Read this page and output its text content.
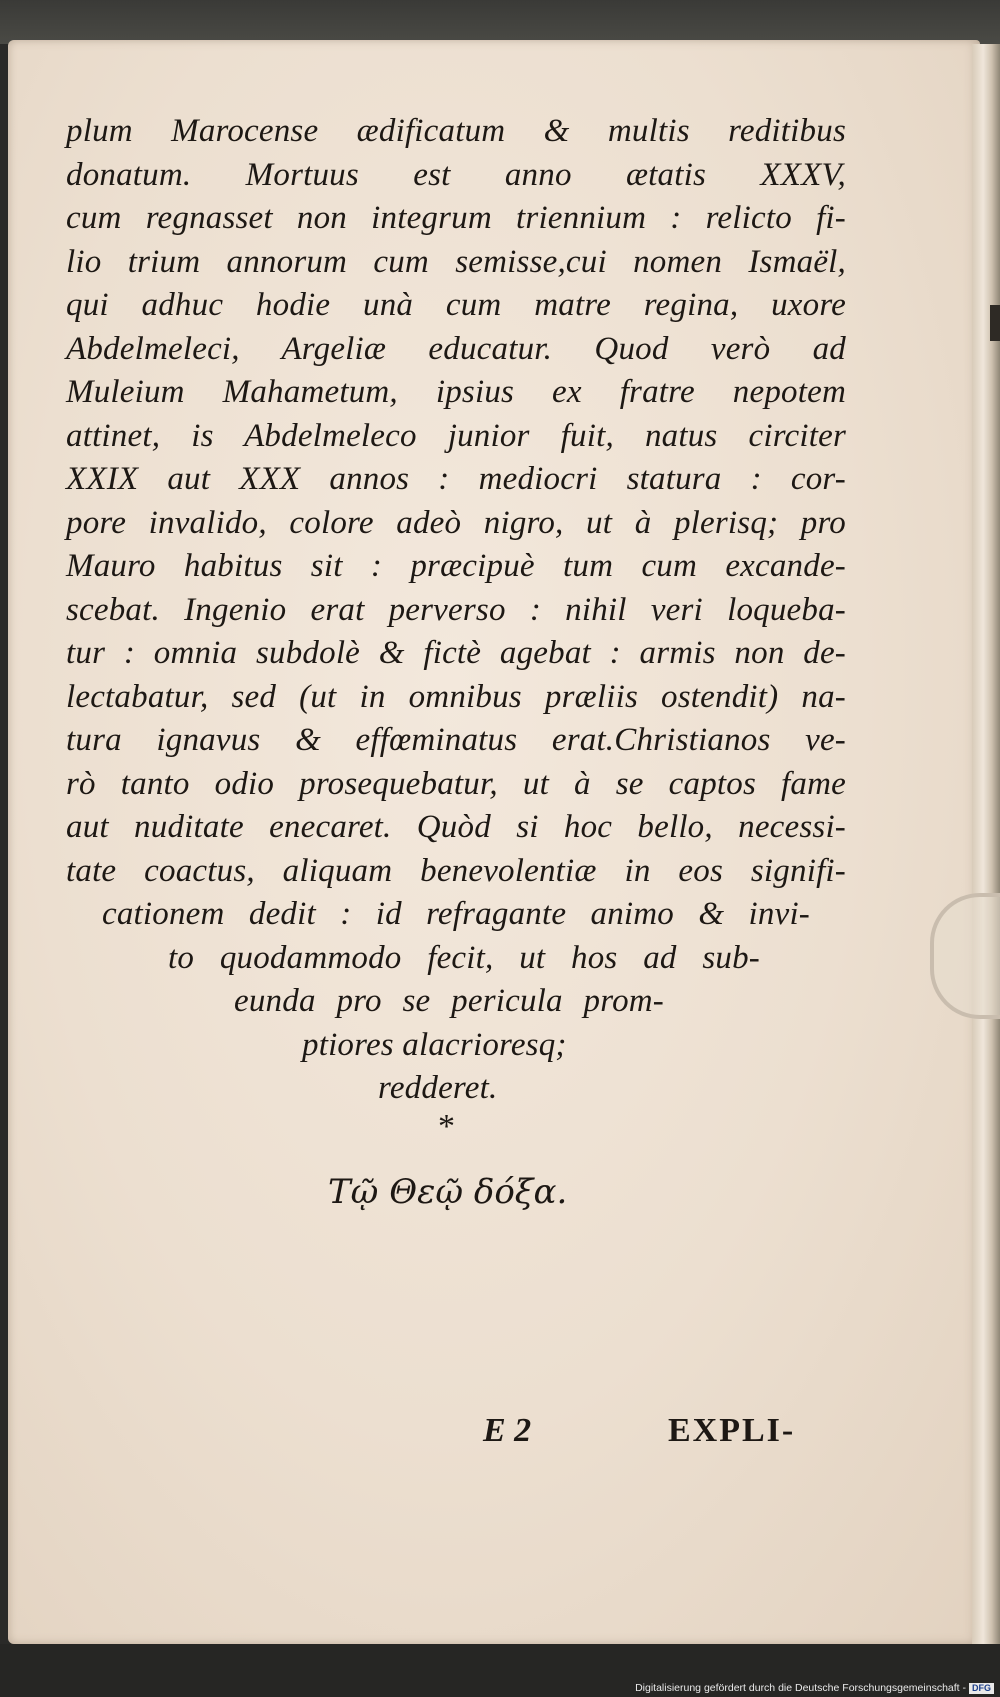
plum Marocense ædificatum & multis reditibus
donatum. Mortuus est anno ætatis XXXV,
cum regnasset non integrum triennium : relicto fi-
lio trium annorum cum semisse,cui nomen Ismaël,
qui adhuc hodie unà cum matre regina, uxore
Abdelmeleci, Argeliæ educatur. Quod verò ad
Muleium Mahametum, ipsius ex fratre nepotem
attinet, is Abdelmeleco junior fuit, natus circiter
XXIX aut XXX annos : mediocri statura : cor-
pore invalido, colore adeò nigro, ut à plerisq; pro
Mauro habitus sit : præcipuè tum cum excande-
scebat. Ingenio erat perverso : nihil veri loqueba-
tur : omnia subdolè & fictè agebat : armis non de-
lectabatur, sed (ut in omnibus præliis ostendit) na-
tura ignavus & effœminatus erat.Christianos ve-
rò tanto odio prosequebatur, ut à se captos fame
aut nuditate enecaret. Quòd si hoc bello, necessi-
tate coactus, aliquam benevolentiæ in eos signifi-
cationem dedit : id refragante animo & invi-
to quodammodo fecit, ut hos ad sub-
eunda pro se pericula prom-
ptiores alacrioresq;
redderet.
*
Τῷ Θεῷ δόξα.
E 2	EXPLI-
Digitalisierung gefördert durch die Deutsche Forschungsgemeinschaft - DFG
